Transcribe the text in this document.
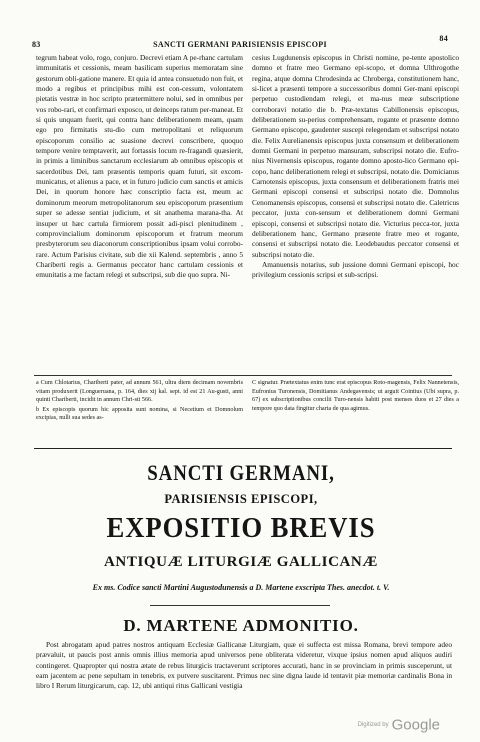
83	SANCTI GERMANI PARISIENSIS EPISCOPI
84

tegrum habeat volo, rogo, conjuro. Decrevi etiam A pe-rhanc cartulam immunitatis et cessionis, meam basilicam superius memoratam sine gestorum obli-gatione manere. Et quia id antea consuetudo non fuit, et modo a regibus et principibus mihi est con-cessum, volontatem pietatis vestræ in hoc scripto prætermittere nolui, sed in omnibus per vos robo-rari, et confirmari exposco, ut deinceps ratum per-maneat. Et si quis unquam fuerit, qui contra hanc deliberationem meam, quam ego pro firmitatis stu-dio cum metropolitani et reliquorum episcoporum consilio ac suasione decrevi conscribere, quoquo tempore venire temptaverit, aut fortassis locum re-fragandi quæsierit, in primis a liminibus sanctarum ecclesiarum ab omnibus episcopis et sacerdotibus Dei, tam præsentis temporis quam futuri, sit excom-municatus, et alienus a pace, et in futuro judicio cum sanctis et amicis Dei, in quorum honore hæc conscriptio facta est, meum ac dominorum meorum metropolitanorum seu episcoporum præsentium super se adesse sentiat judicium, et sit anathema marana-tha. At insuper ut hæc cartula firmiorem possit adi-pisci plenitudinem , comprovincialium dominorum episcoporum et fratrum meorum presbyterorum seu diaconorum conscriptionibus ipsam volui corrobo-rare. Actum Parisius civitate, sub die xii Kalend. septembris , anno 5 Chariberti regis a. Germanus peccator hanc cartulam cessionis et emunitatis a me factam relegi et subscripsi, sub die quo supra. Ni-

cesius Lugdunensis episcopus in Christi nomine, pe-tente apostolico domno et fratre meo Germano epi-scopo, et domna Ulthrogothe regina, atque domna Chrodesinda ac Chroberga, constitutionem hanc, si-licet a præsenti tempore a successoribus domni Ger-mani episcopi perpetuo custodiendam relegi, et ma-nus meæ subscriptione corroboravi notatio die b. Præ-textatus Cabillonensis episcopus, deliberationem su-perius comprehensam, rogante et præsente domno Germano episcopo, gaudenter suscepi relegendam et subscripsi notato die. Felix Aurelianensis episcopus juxta consensum et deliberationem domni Germani in perpetuo mansuram, subscripsi notato die. Eufro-nius Nivernensis episcopus, rogante domno aposto-lico Germano epi-copo, hanc deliberationem relegi et subscripsi, notato die. Domicianus Carnotensis episcopus, juxta consensum et deliberationem fratris mei Germani episcopi consensi et subscripsi notato die. Domnolus Cenomanensis episcopus, consensi et subscripsi notato die. Caletricus peccator, juxta con-sensum et deliberationem domni Germani episcopi, consensi et subscripsi notato die. Victurius pecca-tor, juxta deliberationem hanc, Germano præsente fratre meo et rogante, consensi et subscripsi notato die. Leodebaudus peccator consensi et subscripsi notato die.

Amanuensis notarius, sub jussione domni Germani episcopi, hoc privilegium cessionis scripsi et sub-scripsi.

a Cum Chlotarius, Chariberti pater, ad annum 561, ultra diem decimam novembris vitam produxerit (Longueruana, p. 164, dies xij kal. sept. id est 21 Au-gusti, anni quinti Chariberti, incidit in annum Chri-sti 566.

b Ex episcopis quorum hic apposita sunt nomina, si Necetium et Domnolum excipias, nulli sua sedes as-

C signatur. Prætextatus enim tunc erat episcopus Roto-magensis, Felix Nannetensis, Eufronius Turonensis, Domitianus Andegavensis; ut arguit Cointius (Ubi supra, p. 67) ex subscriptionibus concilii Turo-nensis habiti post menses duos et 27 dies a tempore quo data fingitur charta de qua agimus.

SANCTI GERMANI,
PARISIENSIS EPISCOPI,
EXPOSITIO BREVIS
ANTIQUÆ LITURGIÆ GALLICANÆ
Ex ms. Codice sancti Martini Augustodunensis a D. Martene exscripta Thes. anecdot. t. V.
D. MARTENE ADMONITIO.
Post abrogatam apud patres nostros antiquam Ecclesiæ Gallicanæ Liturgiam, quæ ei suffecta est missa Romana, brevi tempore adeo prævaluit, ut paucis post annis omnis illius memoria apud universos pene obliterata videretur, vixque ipsius nomen apud aliquos audiri contingeret. Quapropter qui nostra ætate de rebus liturgicis tractaverunt scriptores accurati, hanc in se provinciam in primis susceperunt, ut eam jacentem ac pene sepultam in tenebris, ex putvere suscitarent. Primus nec sine digna laude id tentavit piæ memoriæ cardinalis Bona in libro I Rerum liturgicarum, cap. 12, ubi antiqui ritus Gallicani vestigia
Digitized by Google
